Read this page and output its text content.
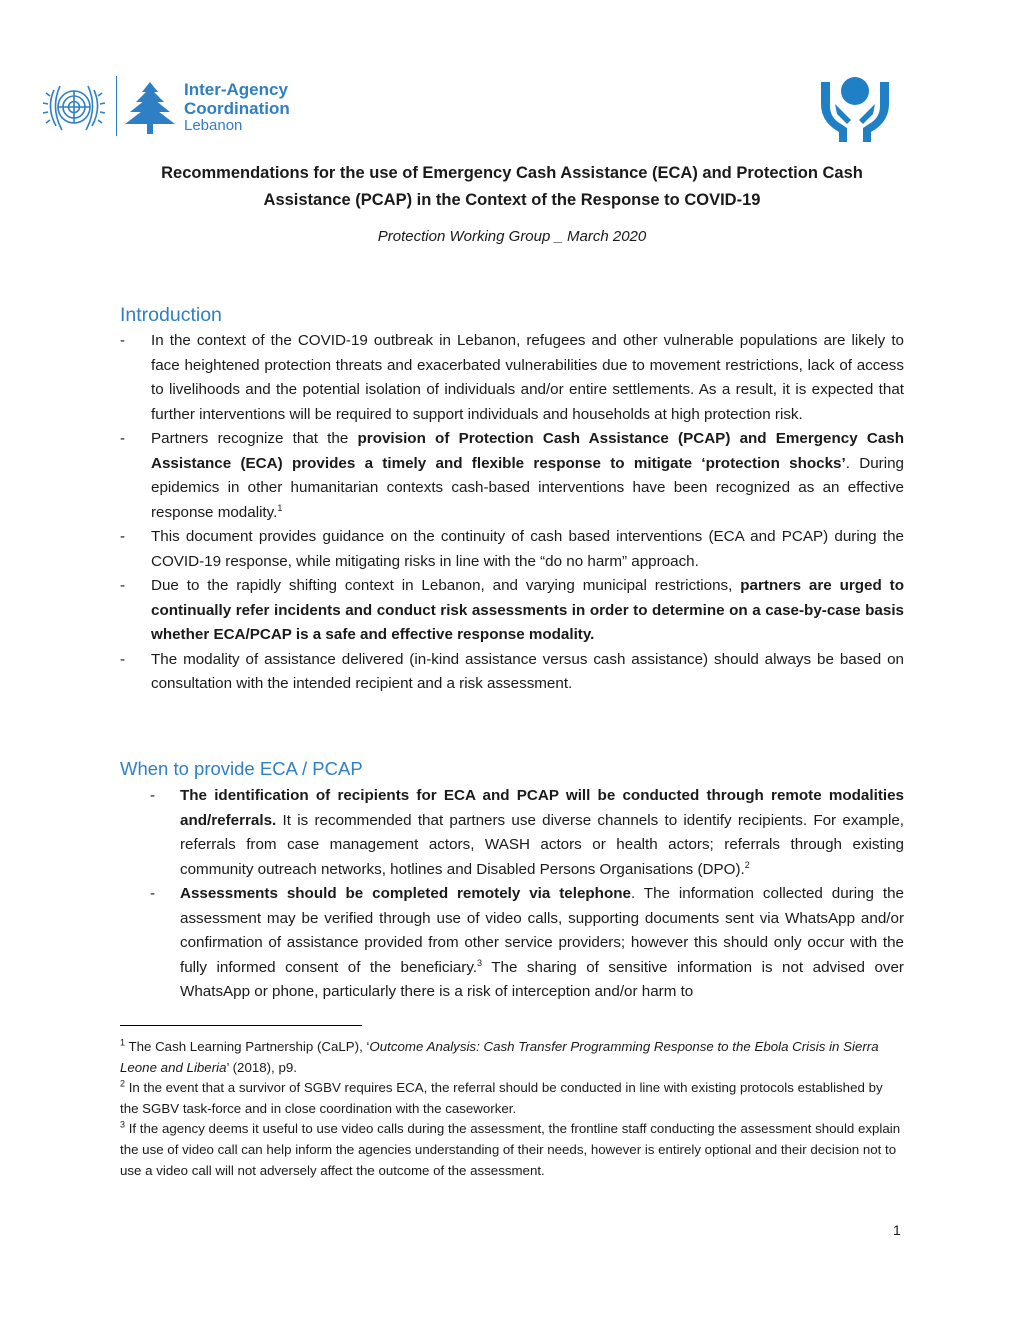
Inter-Agency
Coordination
Lebanon
Recommendations for the use of Emergency Cash Assistance (ECA) and Protection Cash
Assistance (PCAP) in the Context of the Response to COVID-19
Protection Working Group _ March 2020
Introduction
- In the context of the COVID-19 outbreak in Lebanon, refugees and other vulnerable populations are likely to face heightened protection threats and exacerbated vulnerabilities due to movement restrictions, lack of access to livelihoods and the potential isolation of individuals and/or entire settlements. As a result, it is expected that further interventions will be required to support individuals and households at high protection risk.
- Partners recognize that the provision of Protection Cash Assistance (PCAP) and Emergency Cash Assistance (ECA) provides a timely and flexible response to mitigate ‘protection shocks’. During epidemics in other humanitarian contexts cash-based interventions have been recognized as an effective response modality.$^1$
- This document provides guidance on the continuity of cash based interventions (ECA and PCAP) during the COVID-19 response, while mitigating risks in line with the “do no harm” approach.
- Due to the rapidly shifting context in Lebanon, and varying municipal restrictions, partners are urged to continually refer incidents and conduct risk assessments in order to determine on a case-by-case basis whether ECA/PCAP is a safe and effective response modality.
- The modality of assistance delivered (in-kind assistance versus cash assistance) should always be based on consultation with the intended recipient and a risk assessment.
When to provide ECA / PCAP
- The identification of recipients for ECA and PCAP will be conducted through remote modalities and/referrals. It is recommended that partners use diverse channels to identify recipients. For example, referrals from case management actors, WASH actors or health actors; referrals through existing community outreach networks, hotlines and Disabled Persons Organisations (DPO).$^2$
- Assessments should be completed remotely via telephone. The information collected during the assessment may be verified through use of video calls, supporting documents sent via WhatsApp and/or confirmation of assistance provided from other service providers; however this should only occur with the fully informed consent of the beneficiary.$^3$ The sharing of sensitive information is not advised over WhatsApp or phone, particularly there is a risk of interception and/or harm to

$^1$ The Cash Learning Partnership (CaLP), ‘Outcome Analysis: Cash Transfer Programming Response to the Ebola Crisis in Sierra Leone and Liberia’ (2018), p9.

$^2$ In the event that a survivor of SGBV requires ECA, the referral should be conducted in line with existing protocols established by the SGBV task-force and in close coordination with the caseworker.

$^3$ If the agency deems it useful to use video calls during the assessment, the frontline staff conducting the assessment should explain the use of video call can help inform the agencies understanding of their needs, however is entirely optional and their decision not to use a video call will not adversely affect the outcome of the assessment.

1
